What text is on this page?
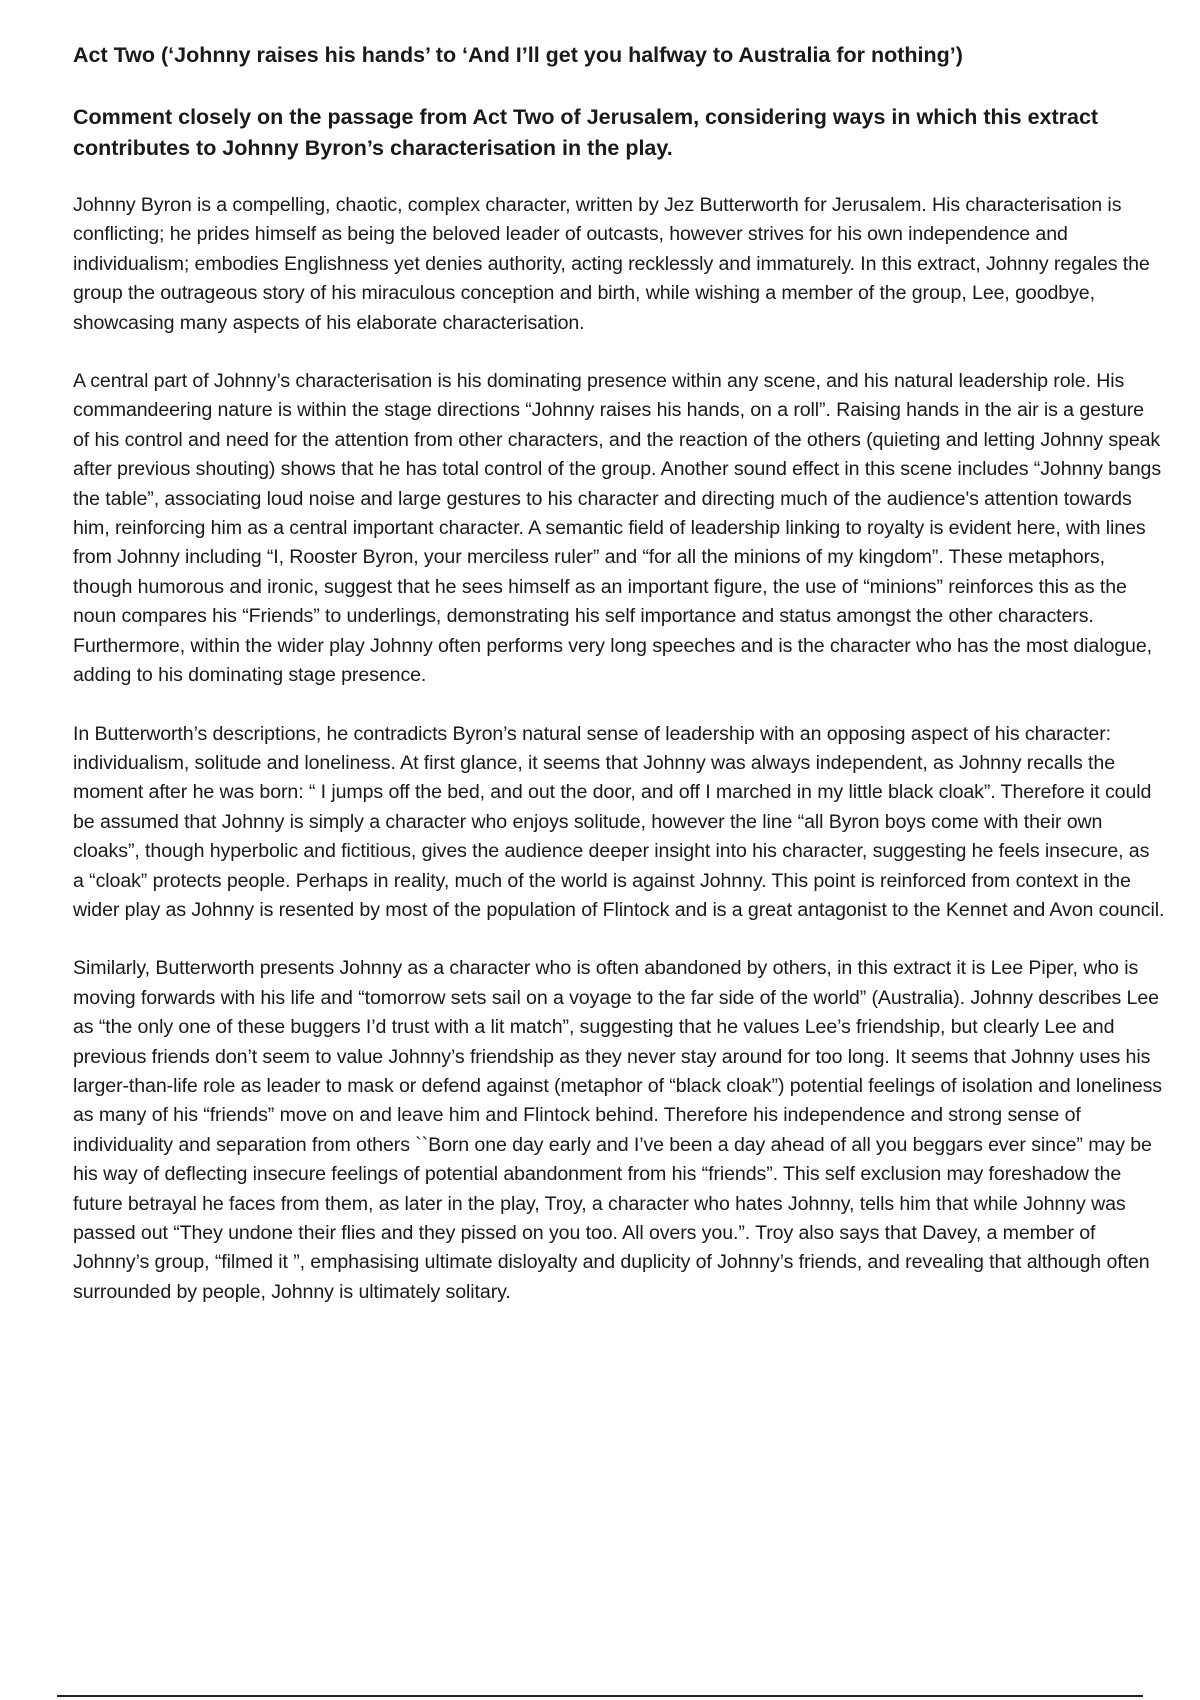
Act Two (‘Johnny raises his hands’ to ‘And I’ll get you halfway to Australia for nothing’)

Comment closely on the passage from Act Two of Jerusalem, considering ways in which this extract contributes to Johnny Byron’s characterisation in the play.

Johnny Byron is a compelling, chaotic, complex character, written by Jez Butterworth for Jerusalem. His characterisation is conflicting; he prides himself as being the beloved leader of outcasts, however strives for his own independence and individualism; embodies Englishness yet denies authority, acting recklessly and immaturely. In this extract, Johnny regales the group the outrageous story of his miraculous conception and birth, while wishing a member of the group, Lee, goodbye, showcasing many aspects of his elaborate characterisation.

A central part of Johnny’s characterisation is his dominating presence within any scene, and his natural leadership role. His commandeering nature is within the stage directions “Johnny raises his hands, on a roll”. Raising hands in the air is a gesture of his control and need for the attention from other characters, and the reaction of the others (quieting and letting Johnny speak after previous shouting) shows that he has total control of the group. Another sound effect in this scene includes “Johnny bangs the table”, associating loud noise and large gestures to his character and directing much of the audience's attention towards him, reinforcing him as a central important character. A semantic field of leadership linking to royalty is evident here, with lines from Johnny including “I, Rooster Byron, your merciless ruler” and “for all the minions of my kingdom”. These metaphors, though humorous and ironic, suggest that he sees himself as an important figure, the use of “minions” reinforces this as the noun compares his “Friends” to underlings, demonstrating his self importance and status amongst the other characters. Furthermore, within the wider play Johnny often performs very long speeches and is the character who has the most dialogue, adding to his dominating stage presence.

In Butterworth’s descriptions, he contradicts Byron’s natural sense of leadership with an opposing aspect of his character: individualism, solitude and loneliness. At first glance, it seems that Johnny was always independent, as Johnny recalls the moment after he was born: “ I jumps off the bed, and out the door, and off I marched in my little black cloak”. Therefore it could be assumed that Johnny is simply a character who enjoys solitude, however the line “all Byron boys come with their own cloaks”, though hyperbolic and fictitious, gives the audience deeper insight into his character, suggesting he feels insecure, as a “cloak” protects people. Perhaps in reality, much of the world is against Johnny. This point is reinforced from context in the wider play as Johnny is resented by most of the population of Flintock and is a great antagonist to the Kennet and Avon council.

Similarly, Butterworth presents Johnny as a character who is often abandoned by others, in this extract it is Lee Piper, who is moving forwards with his life and “tomorrow sets sail on a voyage to the far side of the world” (Australia). Johnny describes Lee as “the only one of these buggers I’d trust with a lit match”, suggesting that he values Lee’s friendship, but clearly Lee and previous friends don’t seem to value Johnny’s friendship as they never stay around for too long. It seems that Johnny uses his larger-than-life role as leader to mask or defend against (metaphor of “black cloak”) potential feelings of isolation and loneliness as many of his “friends” move on and leave him and Flintock behind. Therefore his independence and strong sense of individuality and separation from others ``Born one day early and I’ve been a day ahead of all you beggars ever since” may be his way of deflecting insecure feelings of potential abandonment from his “friends”. This self exclusion may foreshadow the future betrayal he faces from them, as later in the play, Troy, a character who hates Johnny, tells him that while Johnny was passed out “They undone their flies and they pissed on you too. All overs you.”. Troy also says that Davey, a member of Johnny’s group, “filmed it ”, emphasising ultimate disloyalty and duplicity of Johnny’s friends, and revealing that although often surrounded by people, Johnny is ultimately solitary.
